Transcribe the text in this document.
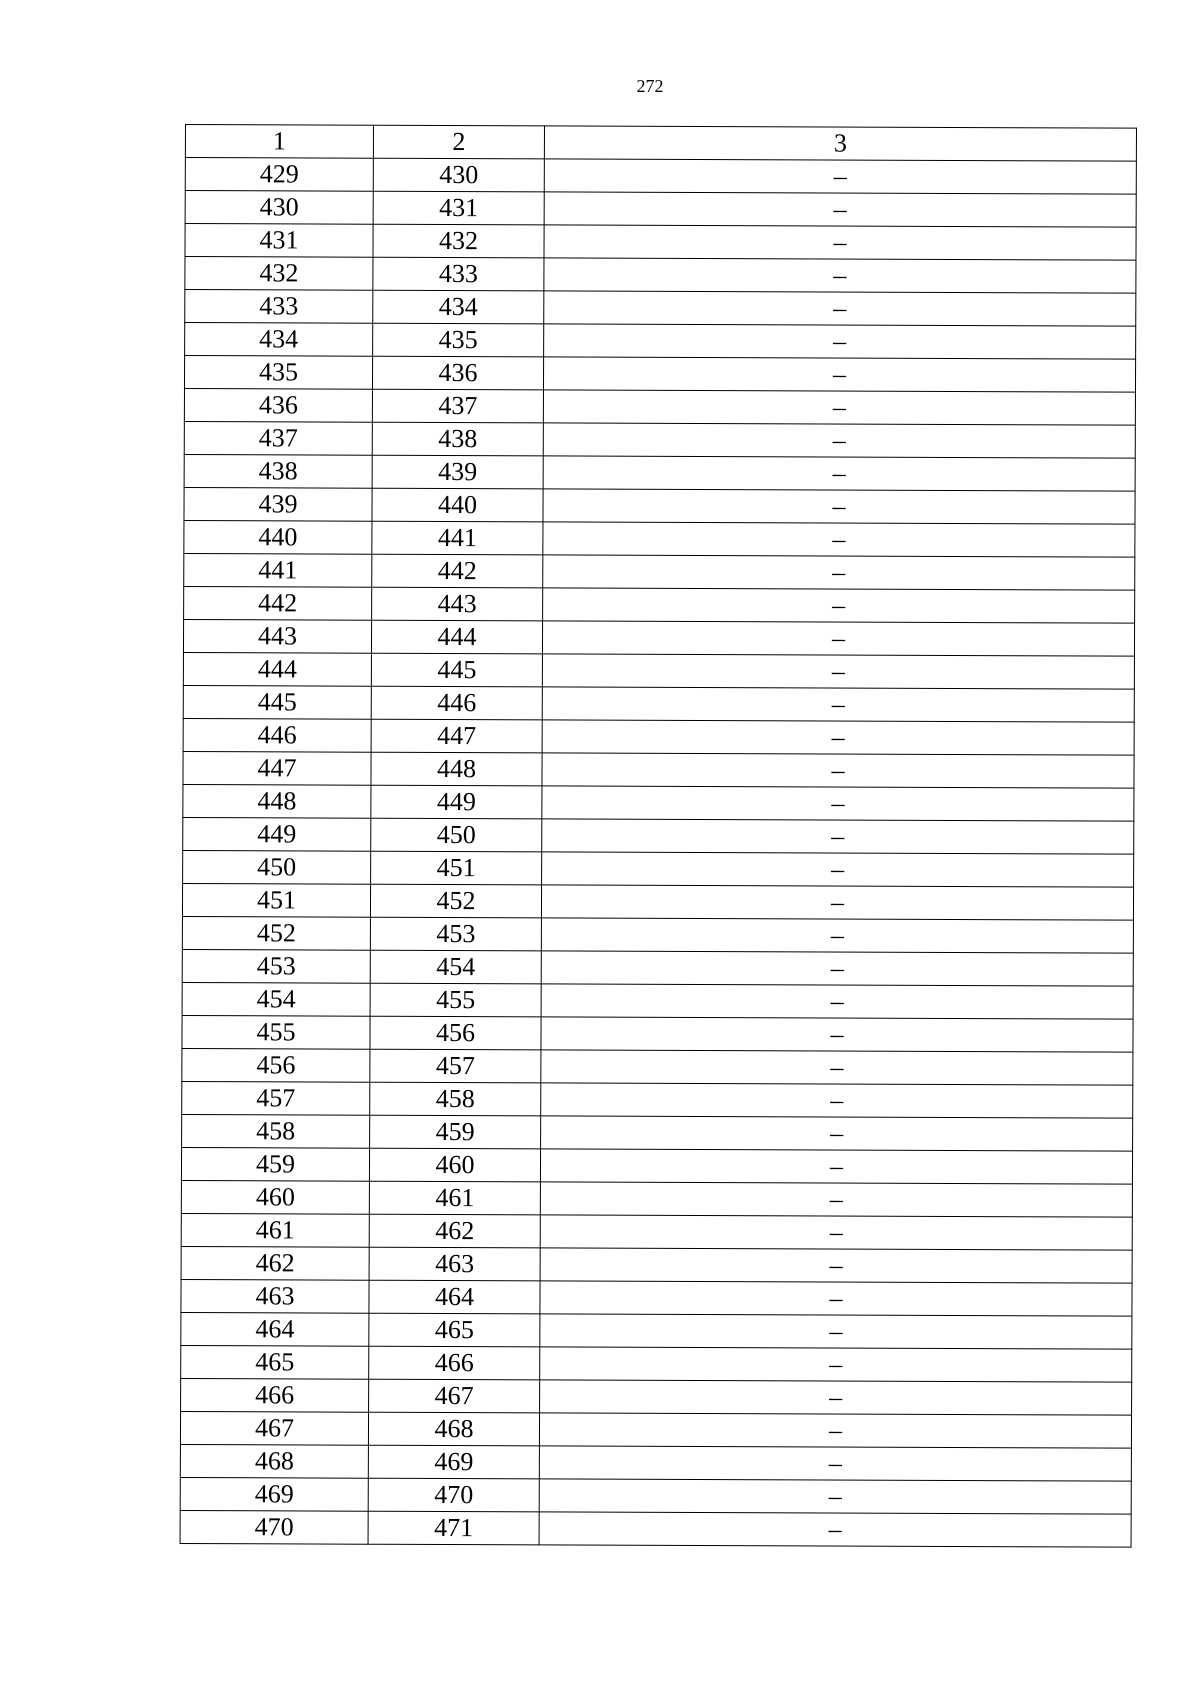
272
1	2	3
429	430	–
430	431	–
431	432	–
432	433	–
433	434	–
434	435	–
435	436	–
436	437	–
437	438	–
438	439	–
439	440	–
440	441	–
441	442	–
442	443	–
443	444	–
444	445	–
445	446	–
446	447	–
447	448	–
448	449	–
449	450	–
450	451	–
451	452	–
452	453	–
453	454	–
454	455	–
455	456	–
456	457	–
457	458	–
458	459	–
459	460	–
460	461	–
461	462	–
462	463	–
463	464	–
464	465	–
465	466	–
466	467	–
467	468	–
468	469	–
469	470	–
470	471	–
